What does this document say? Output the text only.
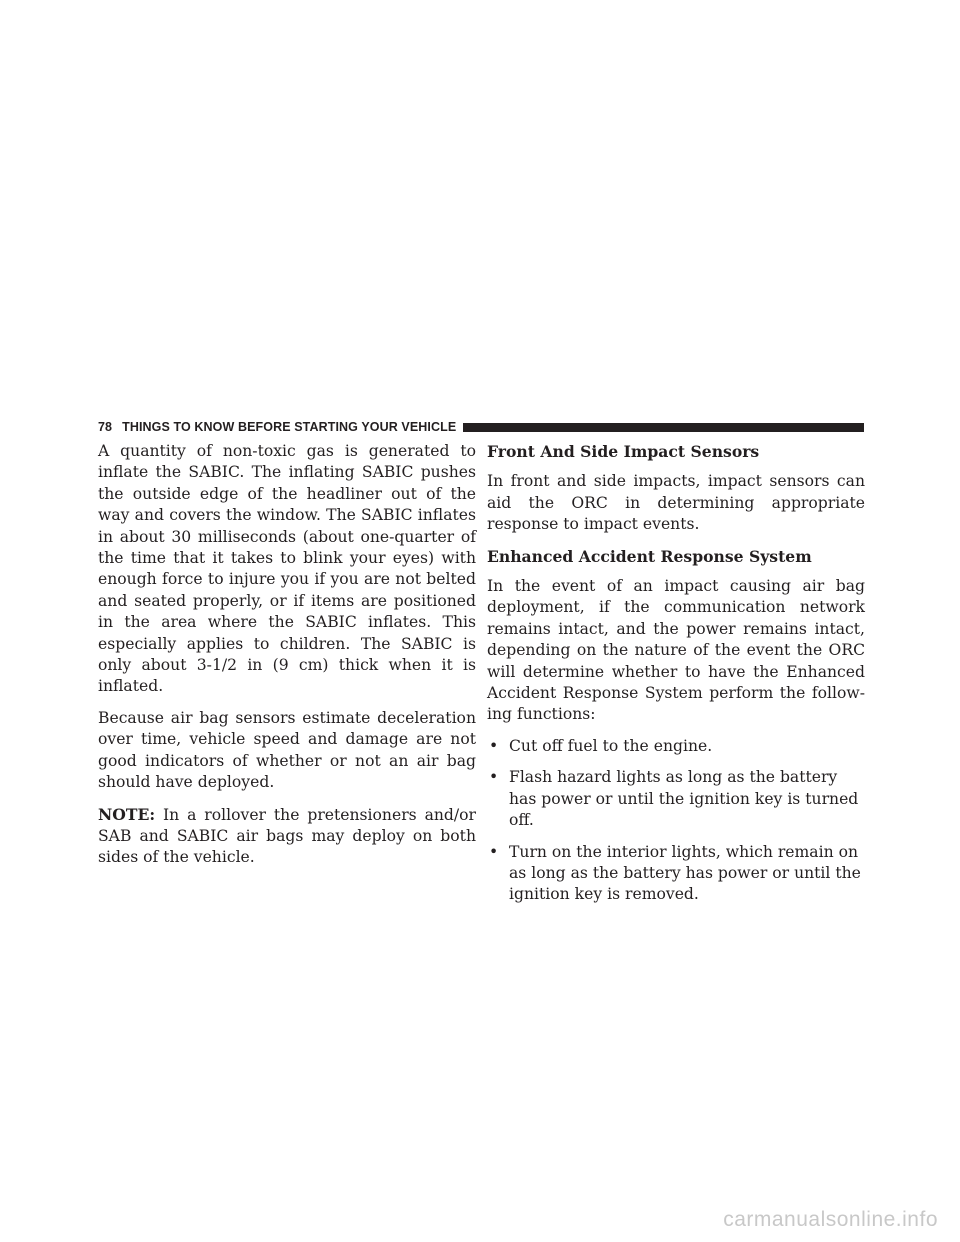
78 THINGS TO KNOW BEFORE STARTING YOUR VEHICLE

A quantity of non-toxic gas is generated to inflate the SABIC. The inflating SABIC pushes the outside edge of the headliner out of the way and covers the window. The SABIC inflates in about 30 milliseconds (about one-quarter of the time that it takes to blink your eyes) with enough force to injure you if you are not belted and seated properly, or if items are positioned in the area where the SABIC inflates. This especially applies to children. The SABIC is only about 3-1/2 in (9 cm) thick when it is inflated.

Because air bag sensors estimate deceleration over time, vehicle speed and damage are not good indicators of whether or not an air bag should have deployed.

NOTE: In a rollover the pretensioners and/or SAB and SABIC air bags may deploy on both sides of the vehicle.

Front And Side Impact Sensors

In front and side impacts, impact sensors can aid the ORC in determining appropriate response to impact events.

Enhanced Accident Response System

In the event of an impact causing air bag deployment, if the communication network remains intact, and the power remains intact, depending on the nature of the event the ORC will determine whether to have the Enhanced Accident Response System perform the follow-ing functions:

• Cut off fuel to the engine.
• Flash hazard lights as long as the battery has power or until the ignition key is turned off.
• Turn on the interior lights, which remain on as long as the battery has power or until the ignition key is removed.
carmanualsonline.info
